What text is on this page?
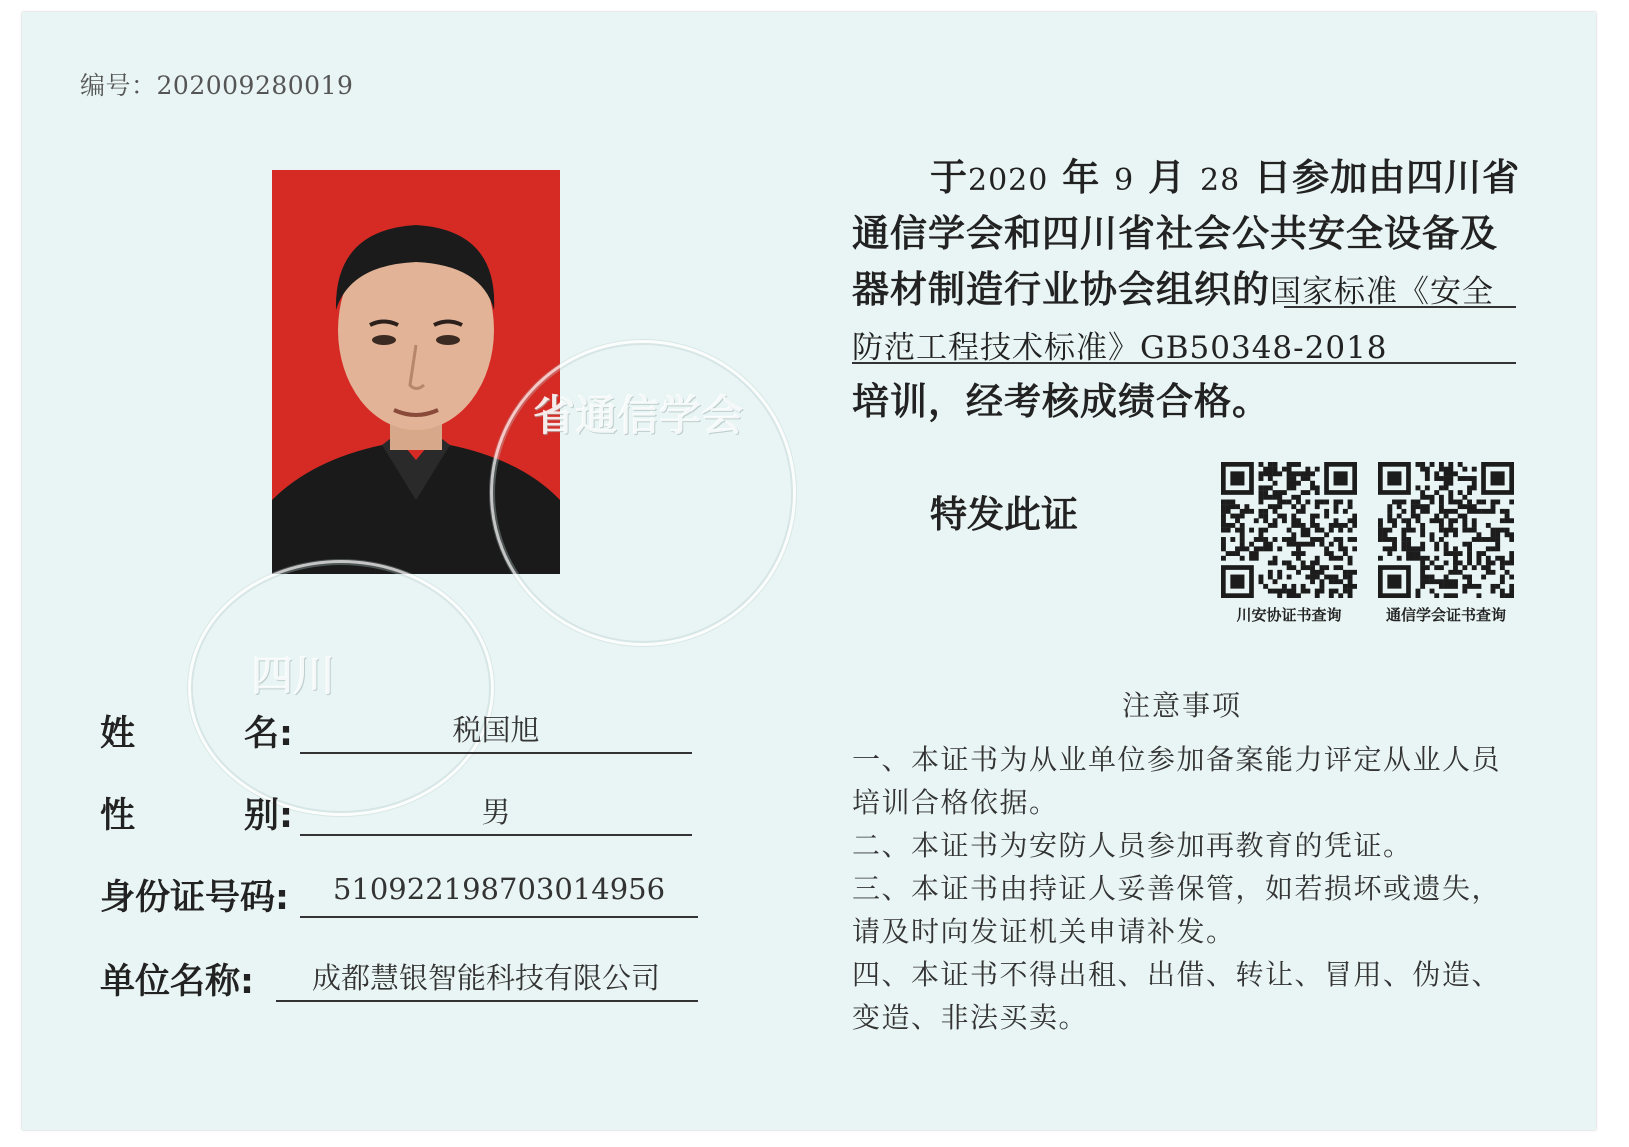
编号：202009280019
省通信学会
四川
姓	名:	税国旭
性	别:	男
身份证号码:	510922198703014956
单位名称:	成都慧银智能科技有限公司
于2020 年 9 月 28 日参加由四川省
通信学会和四川省社会公共安全设备及
器材制造行业协会组织的国家标准《安全
防范工程技术标准》GB50348-2018
培训，经考核成绩合格。
特发此证
川安协证书查询	通信学会证书查询
注意事项

一、本证书为从业单位参加备案能力评定从业人员培训合格依据。

二、本证书为安防人员参加再教育的凭证。

三、本证书由持证人妥善保管，如若损坏或遗失，请及时向发证机关申请补发。

四、本证书不得出租、出借、转让、冒用、伪造、变造、非法买卖。
